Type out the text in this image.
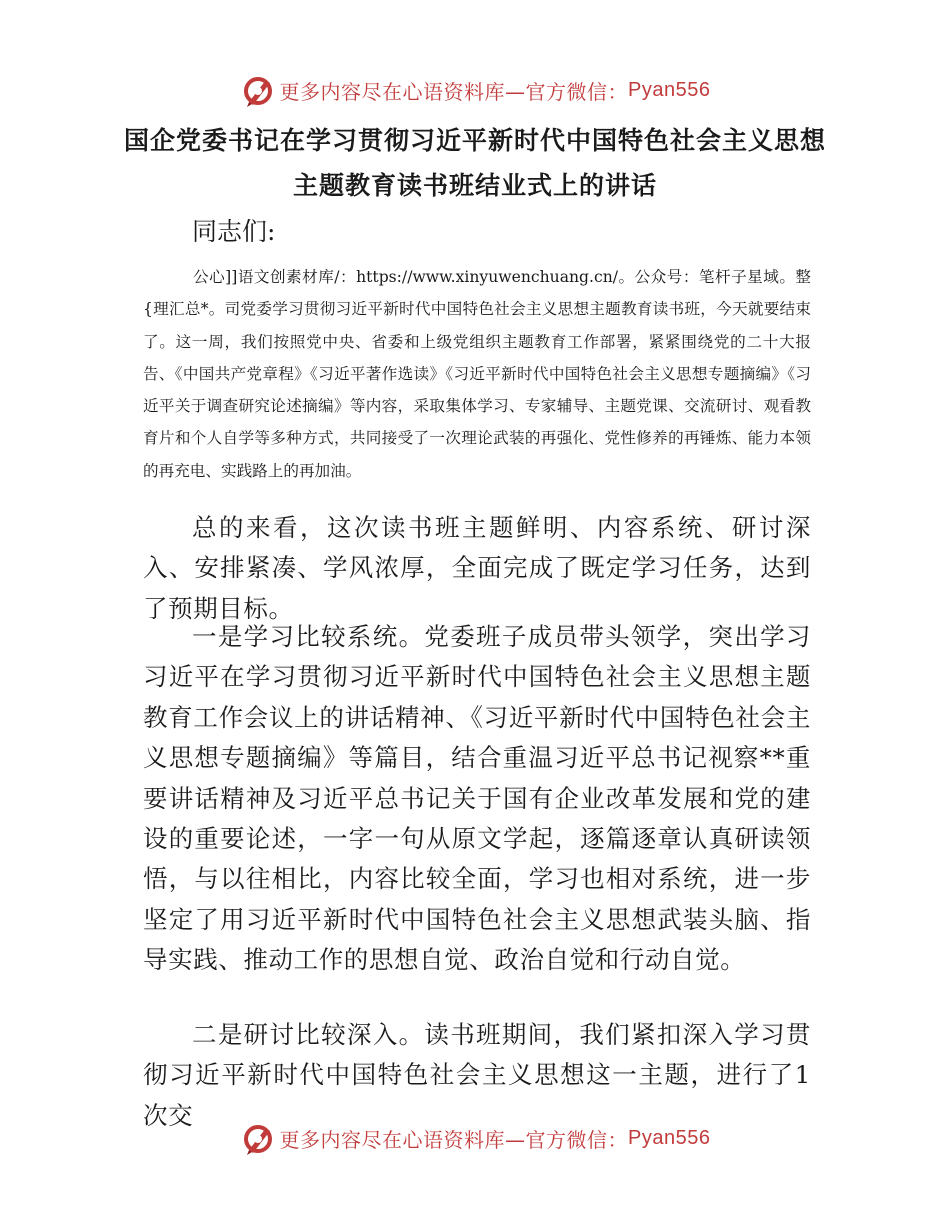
更多内容尽在心语资料库—官方微信： Pyan556
国企党委书记在学习贯彻习近平新时代中国特色社会主义思想
主题教育读书班结业式上的讲话
同志们:

公心]]语文创素材库/：https://www.xinyuwenchuang.cn/。公众号：笔杆子星域。整{理汇总*。司党委学习贯彻习近平新时代中国特色社会主义思想主题教育读书班，今天就要结束了。这一周，我们按照党中央、省委和上级党组织主题教育工作部署，紧紧围绕党的二十大报告、《中国共产党章程》《习近平著作选读》《习近平新时代中国特色社会主义思想专题摘编》《习近平关于调查研究论述摘编》等内容，采取集体学习、专家辅导、主题党课、交流研讨、观看教育片和个人自学等多种方式，共同接受了一次理论武装的再强化、党性修养的再锤炼、能力本领的再充电、实践路上的再加油。

总的来看，这次读书班主题鲜明、内容系统、研讨深入、安排紧凑、学风浓厚，全面完成了既定学习任务，达到了预期目标。

一是学习比较系统。党委班子成员带头领学，突出学习习近平在学习贯彻习近平新时代中国特色社会主义思想主题教育工作会议上的讲话精神、《习近平新时代中国特色社会主义思想专题摘编》等篇目，结合重温习近平总书记视察**重要讲话精神及习近平总书记关于国有企业改革发展和党的建设的重要论述，一字一句从原文学起，逐篇逐章认真研读领悟，与以往相比，内容比较全面，学习也相对系统，进一步坚定了用习近平新时代中国特色社会主义思想武装头脑、指导实践、推动工作的思想自觉、政治自觉和行动自觉。

二是研讨比较深入。读书班期间，我们紧扣深入学习贯彻习近平新时代中国特色社会主义思想这一主题，进行了1次交

更多内容尽在心语资料库—官方微信： Pyan556
